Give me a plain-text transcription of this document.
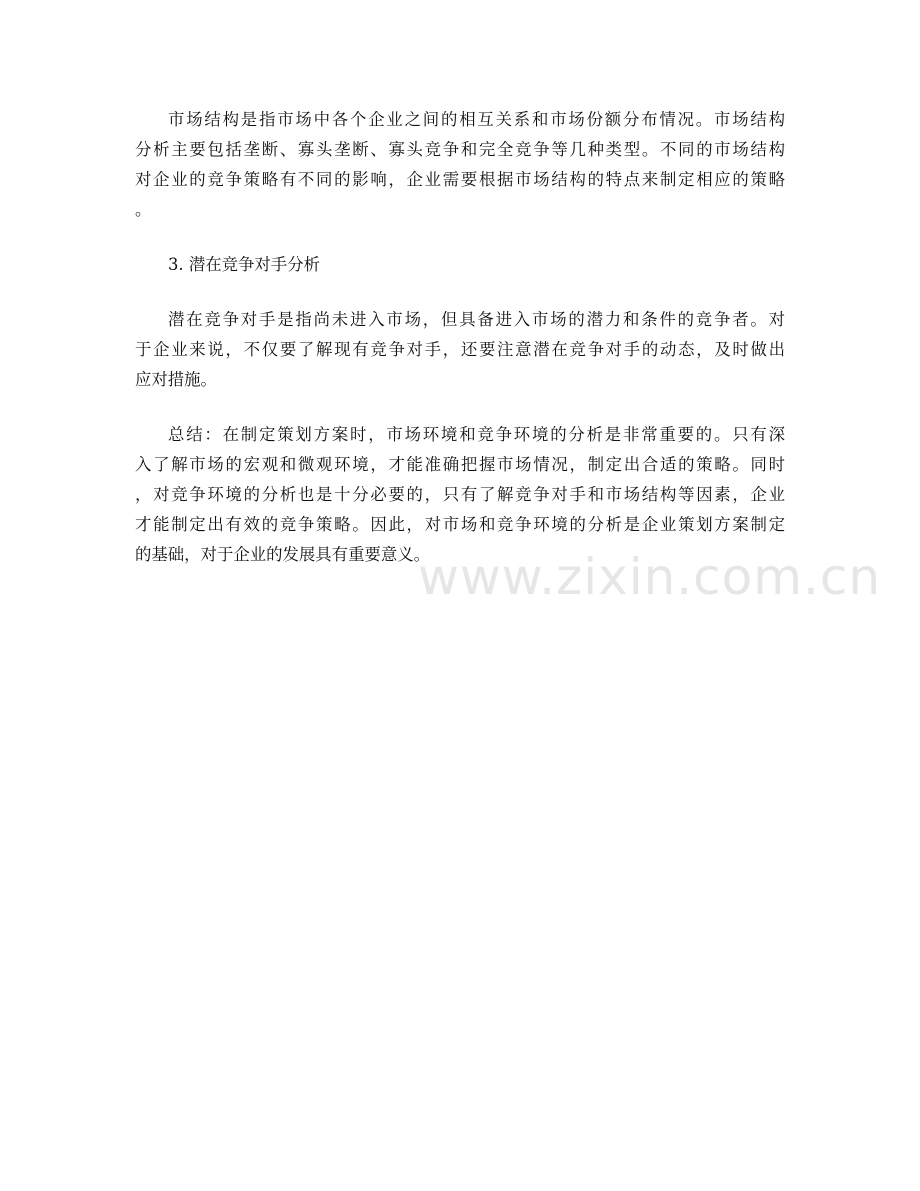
www.zixin.com.cn
市场结构是指市场中各个企业之间的相互关系和市场份额分布情况。市场结构
分析主要包括垄断、寡头垄断、寡头竞争和完全竞争等几种类型。不同的市场结构
对企业的竞争策略有不同的影响，企业需要根据市场结构的特点来制定相应的策略
。
3. 潜在竞争对手分析
潜在竞争对手是指尚未进入市场，但具备进入市场的潜力和条件的竞争者。对
于企业来说，不仅要了解现有竞争对手，还要注意潜在竞争对手的动态，及时做出
应对措施。
总结：在制定策划方案时，市场环境和竞争环境的分析是非常重要的。只有深
入了解市场的宏观和微观环境，才能准确把握市场情况，制定出合适的策略。同时
，对竞争环境的分析也是十分必要的，只有了解竞争对手和市场结构等因素，企业
才能制定出有效的竞争策略。因此，对市场和竞争环境的分析是企业策划方案制定
的基础，对于企业的发展具有重要意义。
